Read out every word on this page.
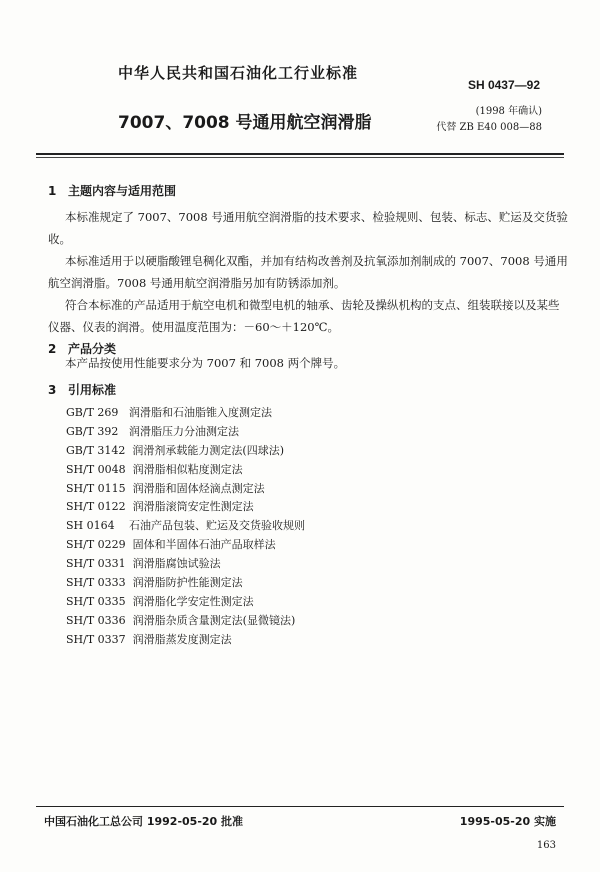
中华人民共和国石油化工行业标准
7007、7008 号通用航空润滑脂
SH 0437—92
(1998 年确认)
代替 ZB E40 008—88
1 主题内容与适用范围
本标准规定了 7007、7008 号通用航空润滑脂的技术要求、检验规则、包装、标志、贮运及交货验收。
本标准适用于以硬脂酸锂皂稠化双酯，并加有结构改善剂及抗氧添加剂制成的 7007、7008 号通用航空润滑脂。7008 号通用航空润滑脂另加有防锈添加剂。
符合本标准的产品适用于航空电机和微型电机的轴承、齿轮及操纵机构的支点、组装联接以及某些仪器、仪表的润滑。使用温度范围为：－60～＋120℃。
2 产品分类
本产品按使用性能要求分为 7007 和 7008 两个牌号。
3 引用标准
GB/T 269 润滑脂和石油脂锥入度测定法
GB/T 392 润滑脂压力分油测定法
GB/T 3142 润滑剂承载能力测定法(四球法)
SH/T 0048 润滑脂相似粘度测定法
SH/T 0115 润滑脂和固体烃滴点测定法
SH/T 0122 润滑脂滚筒安定性测定法
SH 0164 石油产品包装、贮运及交货验收规则
SH/T 0229 固体和半固体石油产品取样法
SH/T 0331 润滑脂腐蚀试验法
SH/T 0333 润滑脂防护性能测定法
SH/T 0335 润滑脂化学安定性测定法
SH/T 0336 润滑脂杂质含量测定法(显微镜法)
SH/T 0337 润滑脂蒸发度测定法
中国石油化工总公司 1992-05-20 批准	1995-05-20 实施
163
